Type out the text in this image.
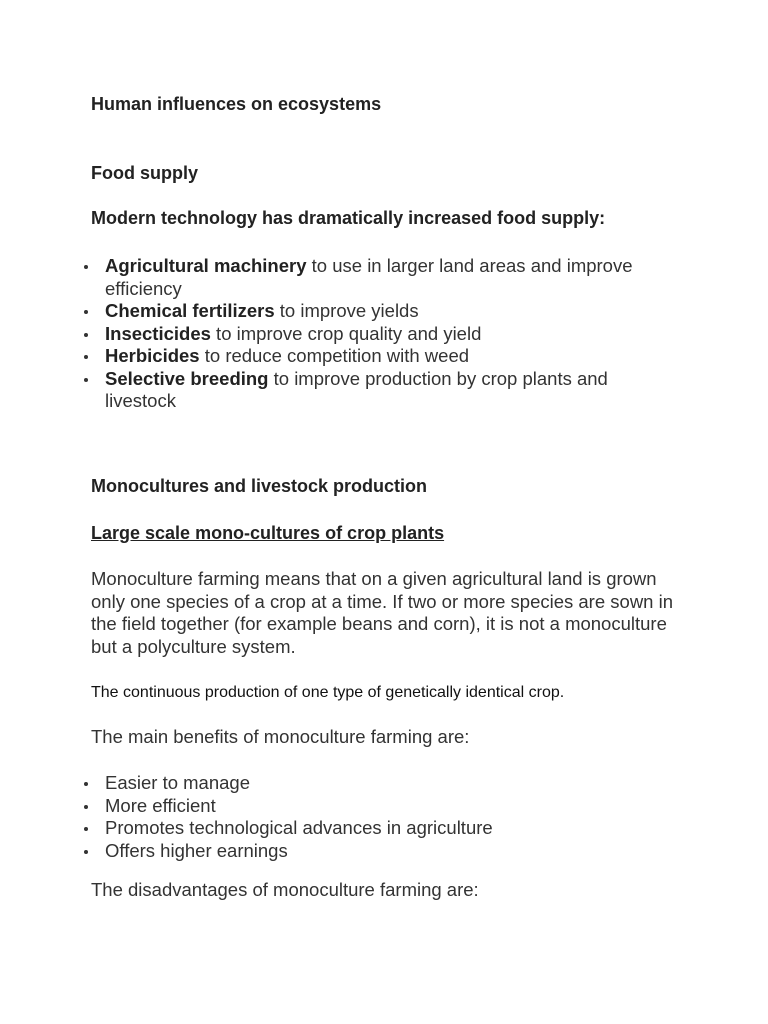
Human influences on ecosystems
Food supply
Modern technology has dramatically increased food supply:
Agricultural machinery to use in larger land areas and improve efficiency
Chemical fertilizers to improve yields
Insecticides to improve crop quality and yield
Herbicides to reduce competition with weed
Selective breeding to improve production by crop plants and livestock
Monocultures and livestock production
Large scale mono-cultures of crop plants

Monoculture farming means that on a given agricultural land is grown only one species of a crop at a time. If two or more species are sown in the field together (for example beans and corn), it is not a monoculture but a polyculture system.

The continuous production of one type of genetically identical crop.

The main benefits of monoculture farming are:

Easier to manage
More efficient
Promotes technological advances in agriculture
Offers higher earnings

The disadvantages of monoculture farming are:
